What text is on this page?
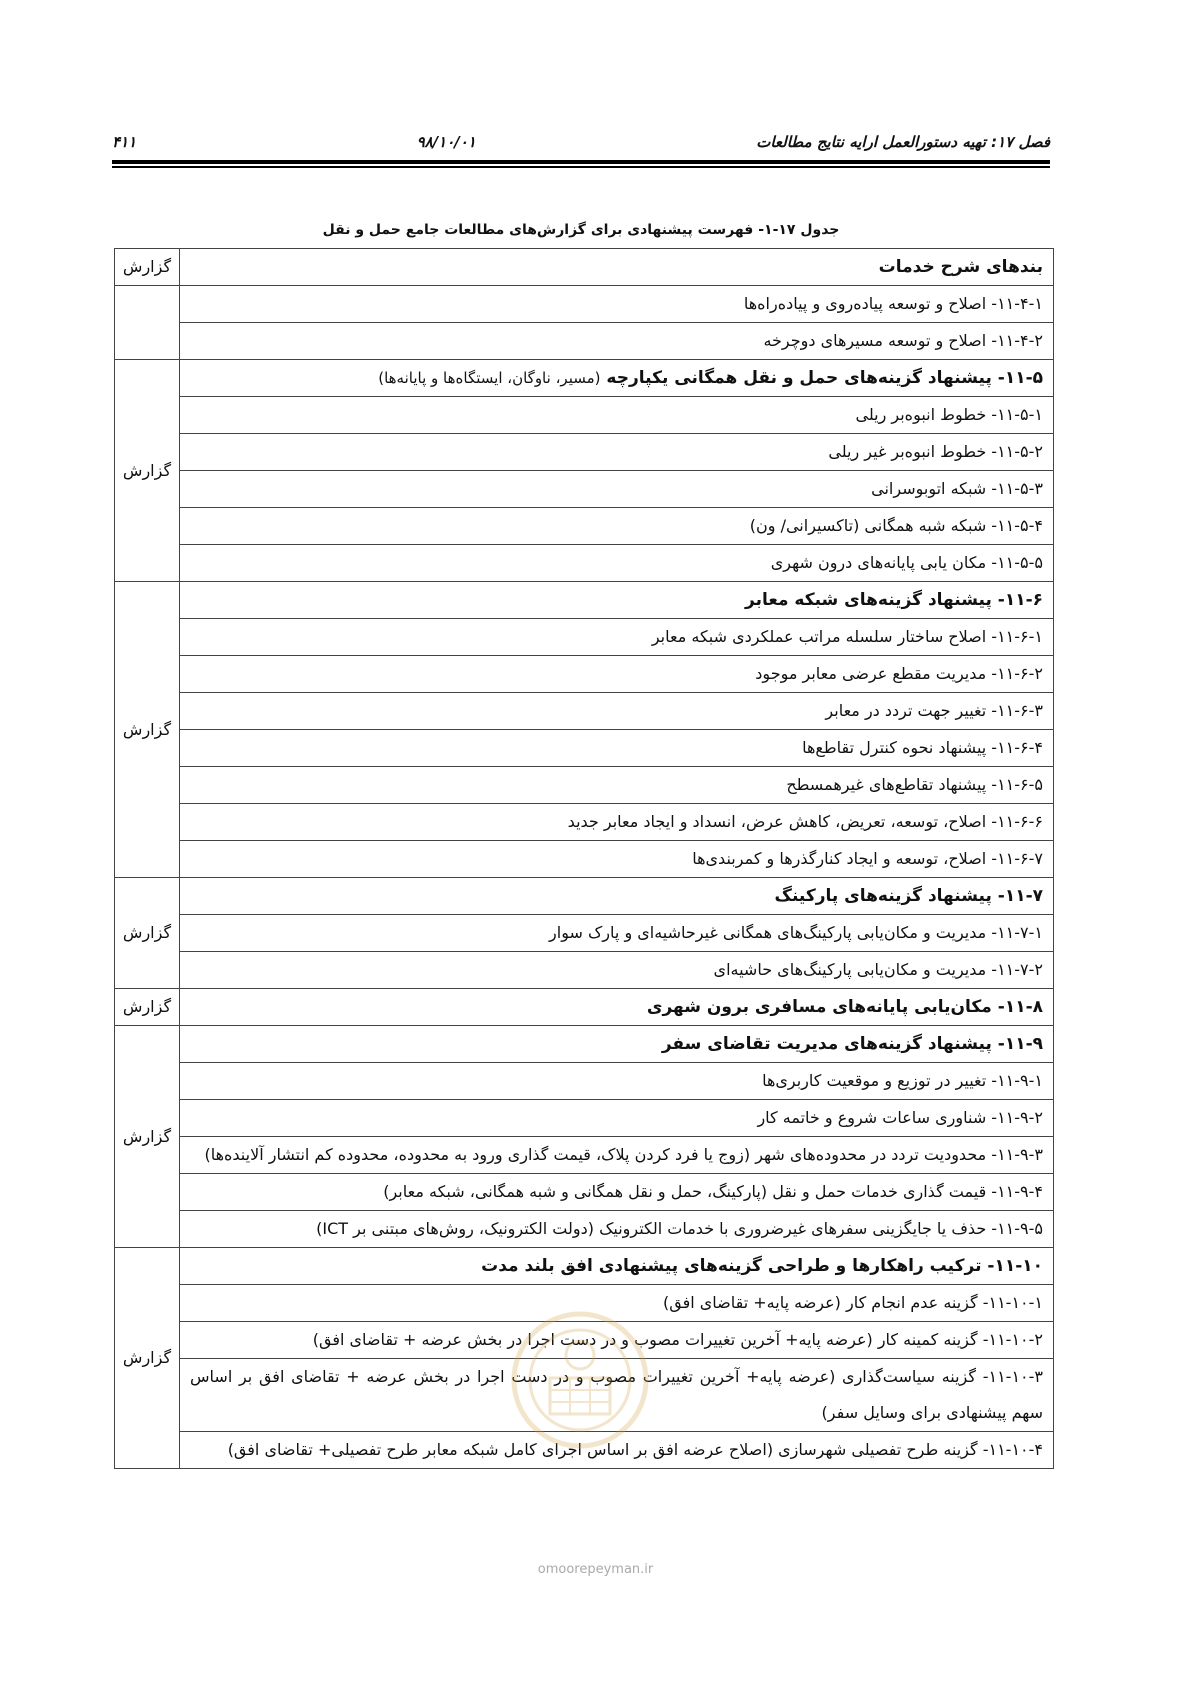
فصل ۱۷: تهیه دستورالعمل ارایه نتایج مطالعات
۹۸/۱۰/۰۱
۴۱۱
جدول ۱۷-۱- فهرست پیشنهادی برای گزارش‌های مطالعات جامع حمل و نقل
بندهای شرح خدمات	گزارش
۱۱-۴-۱- اصلاح و توسعه پیاده‌روی و پیاده‌راه‌ها	
۱۱-۴-۲- اصلاح و توسعه مسیرهای دوچرخه	
۱۱-۵- پیشنهاد گزینه‌های حمل و نقل همگانی یکپارچه (مسیر، ناوگان، ایستگاه‌ها و پایانه‌ها)	گزارش
۱۱-۵-۱- خطوط انبوه‌بر ریلی	
۱۱-۵-۲- خطوط انبوه‌بر غیر ریلی	
۱۱-۵-۳- شبکه اتوبوسرانی	
۱۱-۵-۴- شبکه شبه همگانی (تاکسیرانی/ ون)	
۱۱-۵-۵- مکان یابی پایانه‌های درون شهری	
۱۱-۶- پیشنهاد گزینه‌های شبکه معابر	گزارش
۱۱-۶-۱- اصلاح ساختار سلسله مراتب عملکردی شبکه معابر	
۱۱-۶-۲- مدیریت مقطع عرضی معابر موجود	
۱۱-۶-۳- تغییر جهت تردد در معابر	
۱۱-۶-۴- پیشنهاد نحوه کنترل تقاطع‌ها	
۱۱-۶-۵- پیشنهاد تقاطع‌های غیرهمسطح	
۱۱-۶-۶- اصلاح، توسعه، تعریض، کاهش عرض، انسداد و ایجاد معابر جدید	
۱۱-۶-۷- اصلاح، توسعه و ایجاد کنارگذرها و کمربندی‌ها	
۱۱-۷- پیشنهاد گزینه‌های پارکینگ	گزارش
۱۱-۷-۱- مدیریت و مکان‌یابی پارکینگ‌های همگانی غیرحاشیه‌ای و پارک سوار	
۱۱-۷-۲- مدیریت و مکان‌یابی پارکینگ‌های حاشیه‌ای	
۱۱-۸- مکان‌یابی پایانه‌های مسافری برون شهری	گزارش
۱۱-۹- پیشنهاد گزینه‌های مدیریت تقاضای سفر	گزارش
۱۱-۹-۱- تغییر در توزیع و موقعیت کاربری‌ها	
۱۱-۹-۲- شناوری ساعات شروع و خاتمه کار	
۱۱-۹-۳- محدودیت تردد در محدوده‌های شهر (زوج یا فرد کردن پلاک، قیمت گذاری ورود به محدوده، محدوده کم انتشار آلاینده‌ها)	
۱۱-۹-۴- قیمت گذاری خدمات حمل و نقل (پارکینگ، حمل و نقل همگانی و شبه همگانی، شبکه معابر)	
۱۱-۹-۵- حذف یا جایگزینی سفرهای غیرضروری با خدمات الکترونیک (دولت الکترونیک، روش‌های مبتنی بر ICT)	
۱۱-۱۰- ترکیب راهکارها و طراحی گزینه‌های پیشنهادی افق بلند مدت	گزارش
۱۱-۱۰-۱- گزینه عدم انجام کار (عرضه پایه+ تقاضای افق)	
۱۱-۱۰-۲- گزینه کمینه کار (عرضه پایه+ آخرین تغییرات مصوب و در دست اجرا در بخش عرضه + تقاضای افق)	
۱۱-۱۰-۳- گزینه سیاست‌گذاری (عرضه پایه+ آخرین تغییرات مصوب و در دست اجرا در بخش عرضه + تقاضای افق بر اساس سهم پیشنهادی برای وسایل سفر)	
۱۱-۱۰-۴- گزینه طرح تفصیلی شهرسازی (اصلاح عرضه افق بر اساس اجرای کامل شبکه معابر طرح تفصیلی+ تقاضای افق)	
omoorepeyman.ir
